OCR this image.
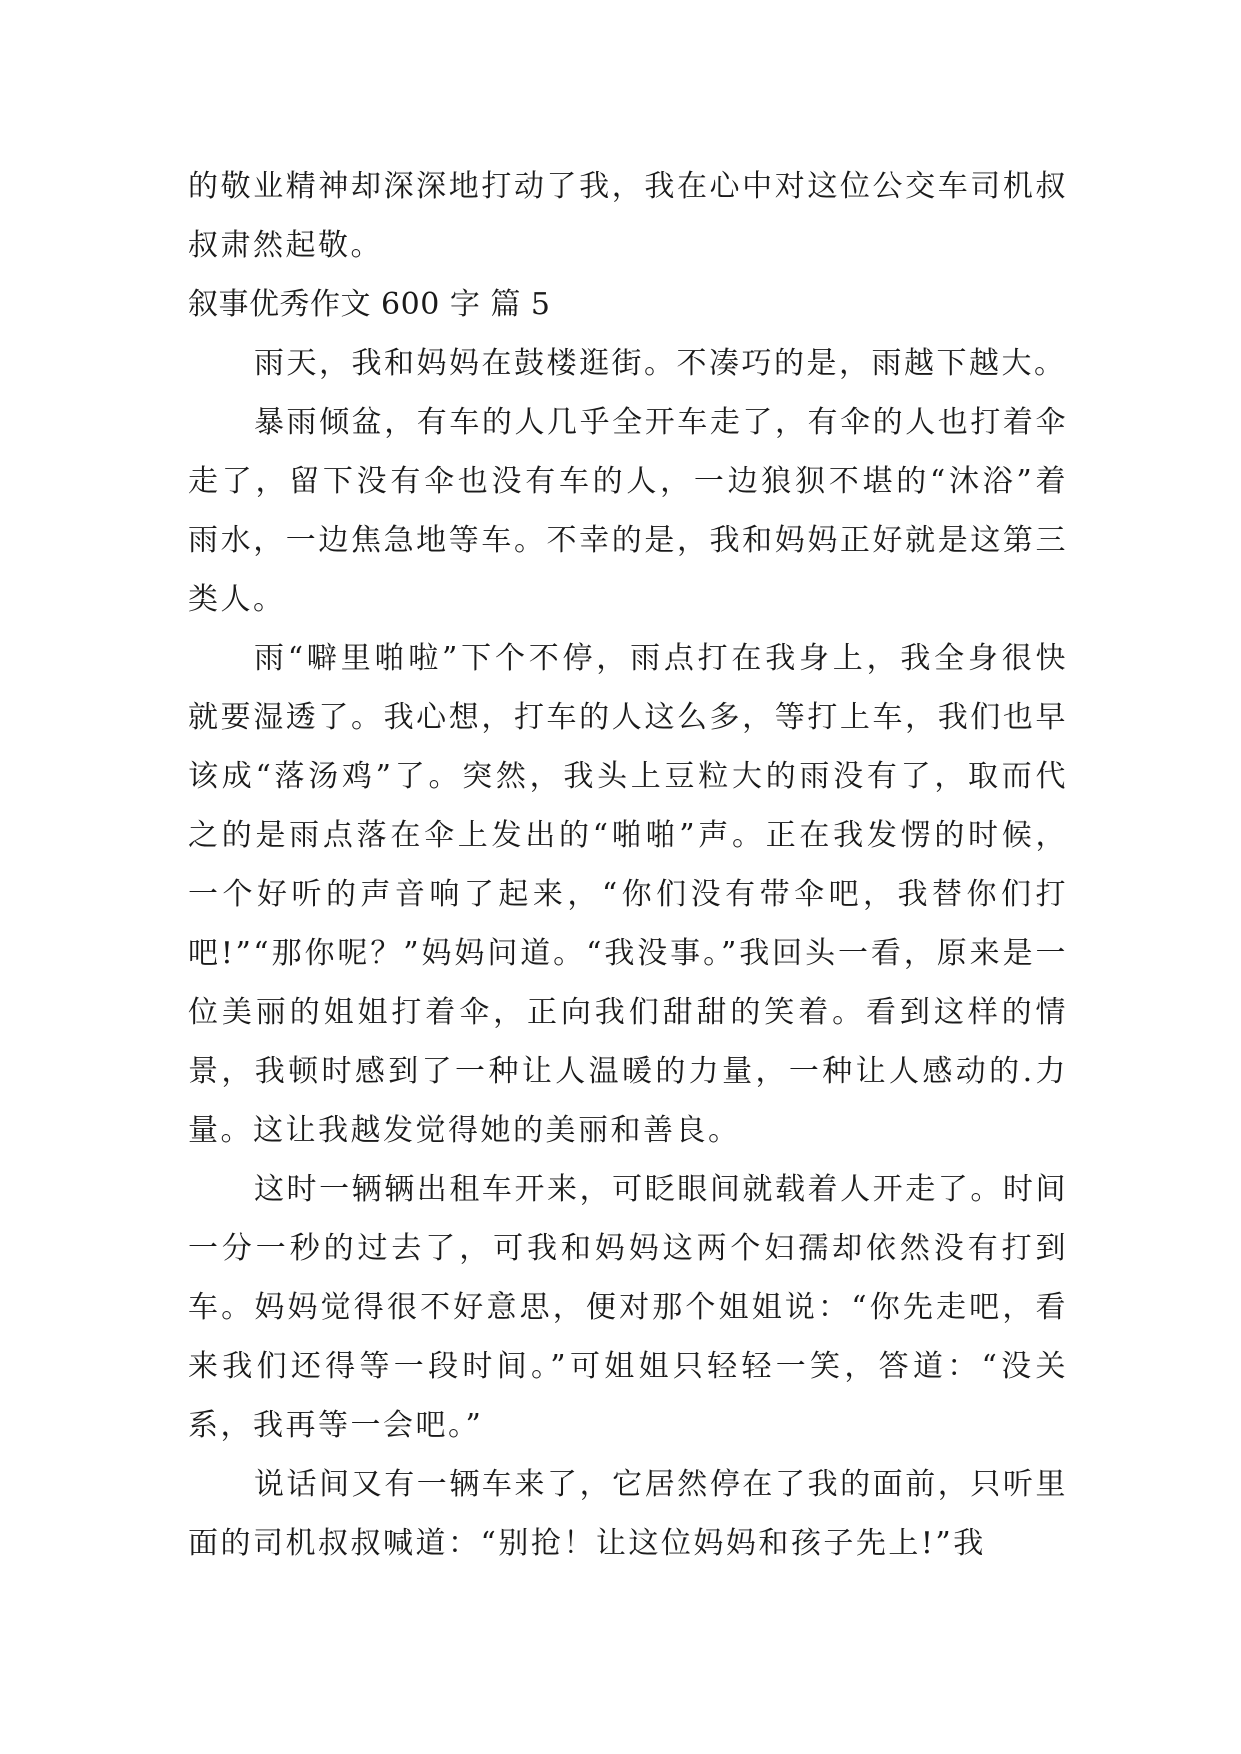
的敬业精神却深深地打动了我，我在心中对这位公交车司机叔叔肃然起敬。

叙事优秀作文 600 字 篇 5

雨天，我和妈妈在鼓楼逛街。不凑巧的是，雨越下越大。

暴雨倾盆，有车的人几乎全开车走了，有伞的人也打着伞走了，留下没有伞也没有车的人，一边狼狈不堪的“沐浴”着雨水，一边焦急地等车。不幸的是，我和妈妈正好就是这第三类人。

雨“噼里啪啦”下个不停，雨点打在我身上，我全身很快就要湿透了。我心想，打车的人这么多，等打上车，我们也早该成“落汤鸡”了。突然，我头上豆粒大的雨没有了，取而代之的是雨点落在伞上发出的“啪啪”声。正在我发愣的时候，一个好听的声音响了起来，“你们没有带伞吧，我替你们打吧!”“那你呢？”妈妈问道。“我没事。”我回头一看，原来是一位美丽的姐姐打着伞，正向我们甜甜的笑着。看到这样的情景，我顿时感到了一种让人温暖的力量，一种让人感动的.力量。这让我越发觉得她的美丽和善良。

这时一辆辆出租车开来，可眨眼间就载着人开走了。时间一分一秒的过去了，可我和妈妈这两个妇孺却依然没有打到车。妈妈觉得很不好意思，便对那个姐姐说：“你先走吧，看来我们还得等一段时间。”可姐姐只轻轻一笑，答道：“没关系，我再等一会吧。”

说话间又有一辆车来了，它居然停在了我的面前，只听里面的司机叔叔喊道：“别抢！让这位妈妈和孩子先上!”我
